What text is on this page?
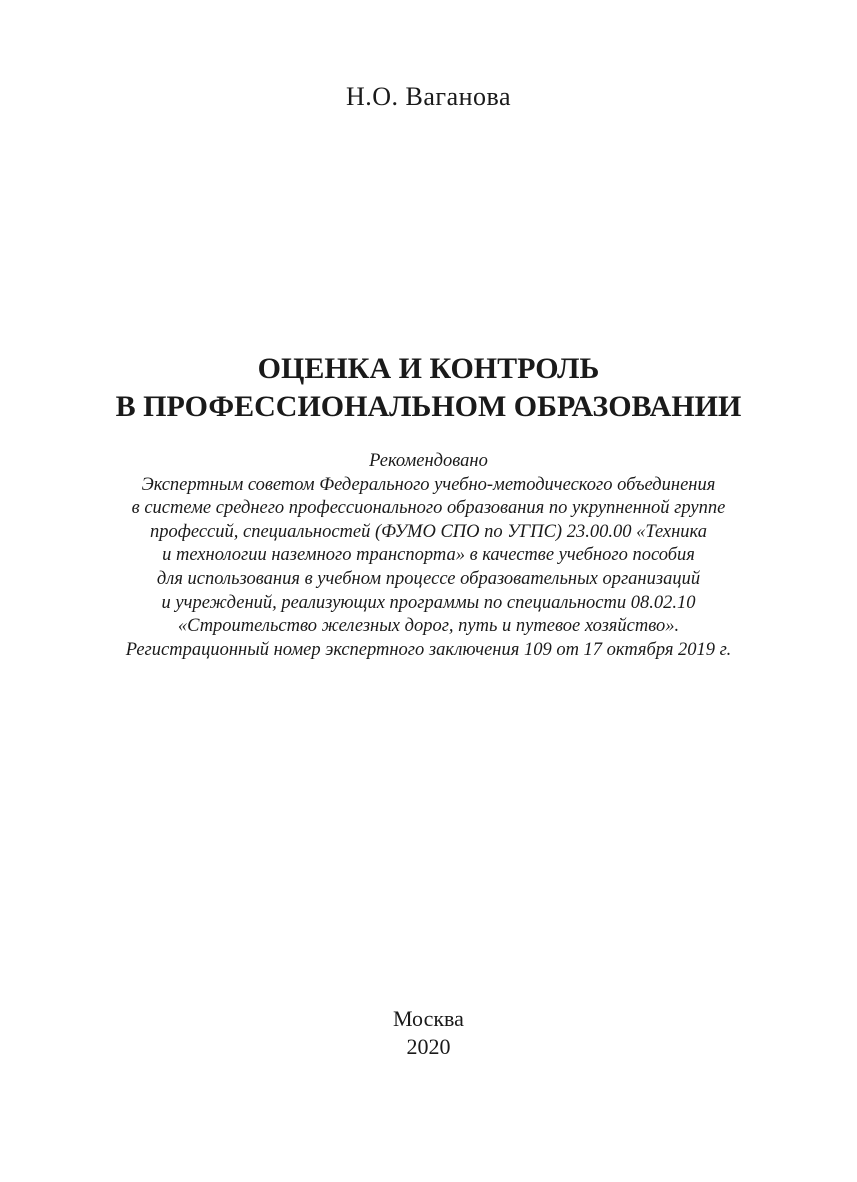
Н.О. Ваганова
ОЦЕНКА И КОНТРОЛЬ
В ПРОФЕССИОНАЛЬНОМ ОБРАЗОВАНИИ
Рекомендовано
Экспертным советом Федерального учебно-методического объединения
в системе среднего профессионального образования по укрупненной группе
профессий, специальностей (ФУМО СПО по УГПС) 23.00.00 «Техника
и технологии наземного транспорта» в качестве учебного пособия
для использования в учебном процессе образовательных организаций
и учреждений, реализующих программы по специальности 08.02.10
«Строительство железных дорог, путь и путевое хозяйство».
Регистрационный номер экспертного заключения 109 от 17 октября 2019 г.
Москва
2020
